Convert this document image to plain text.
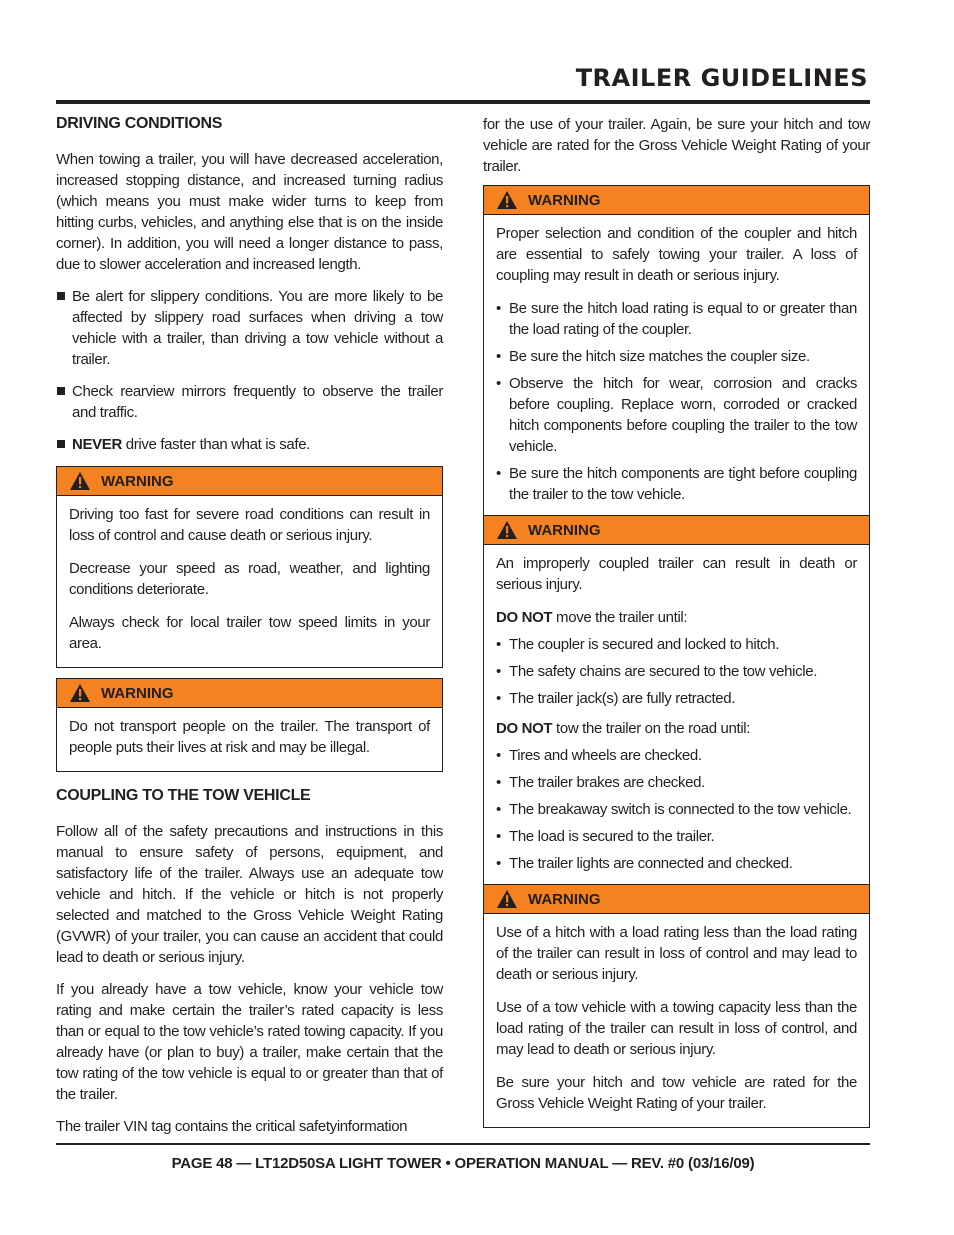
TRAILER GUIDELINES
DRIVING CONDITIONS

When towing a trailer, you will have decreased acceleration, increased stopping distance, and increased turning radius (which means you must make wider turns to keep from hitting curbs, vehicles, and anything else that is on the inside corner). In addition, you will need a longer distance to pass, due to slower acceleration and increased length.

Be alert for slippery conditions. You are more likely to be affected by slippery road surfaces when driving a tow vehicle with a trailer, than driving a tow vehicle without a trailer.

Check rearview mirrors frequently to observe the trailer and traffic.

NEVER drive faster than what is safe.

WARNING

Driving too fast for severe road conditions can result in loss of control and cause death or serious injury.

Decrease your speed as road, weather, and lighting conditions deteriorate.

Always check for local trailer tow speed limits in your area.

WARNING

Do not transport people on the trailer. The transport of people puts their lives at risk and may be illegal.

COUPLING TO THE TOW VEHICLE

Follow all of the safety precautions and instructions in this manual to ensure safety of persons, equipment, and satisfactory life of the trailer. Always use an adequate tow vehicle and hitch. If the vehicle or hitch is not properly selected and matched to the Gross Vehicle Weight Rating (GVWR) of your trailer, you can cause an accident that could lead to death or serious injury.

If you already have a tow vehicle, know your vehicle tow rating and make certain the trailer’s rated capacity is less than or equal to the tow vehicle’s rated towing capacity. If you already have (or plan to buy) a trailer, make certain that the tow rating of the tow vehicle is equal to or greater than that of the trailer.

The trailer VIN tag contains the critical safetyinformation

for the use of your trailer. Again, be sure your hitch and tow vehicle are rated for the Gross Vehicle Weight Rating of your trailer.

WARNING

Proper selection and condition of the coupler and hitch are essential to safely towing your trailer. A loss of coupling may result in death or serious injury.

• Be sure the hitch load rating is equal to or greater than the load rating of the coupler.
• Be sure the hitch size matches the coupler size.
• Observe the hitch for wear, corrosion and cracks before coupling. Replace worn, corroded or cracked hitch components before coupling the trailer to the tow vehicle.
• Be sure the hitch components are tight before coupling the trailer to the tow vehicle.
WARNING

An improperly coupled trailer can result in death or serious injury.

DO NOT move the trailer until:

• The coupler is secured and locked to hitch.
• The safety chains are secured to the tow vehicle.
• The trailer jack(s) are fully retracted.

DO NOT tow the trailer on the road until:

• Tires and wheels are checked.
• The trailer brakes are checked.
• The breakaway switch is connected to the tow vehicle.
• The load is secured to the trailer.
• The trailer lights are connected and checked.
WARNING

Use of a hitch with a load rating less than the load rating of the trailer can result in loss of control and may lead to death or serious injury.

Use of a tow vehicle with a towing capacity less than the load rating of the trailer can result in loss of control, and may lead to death or serious injury.

Be sure your hitch and tow vehicle are rated for the Gross Vehicle Weight Rating of your trailer.

PAGE 48 — LT12D50SA LIGHT TOWER • OPERATION MANUAL — REV. #0 (03/16/09)
